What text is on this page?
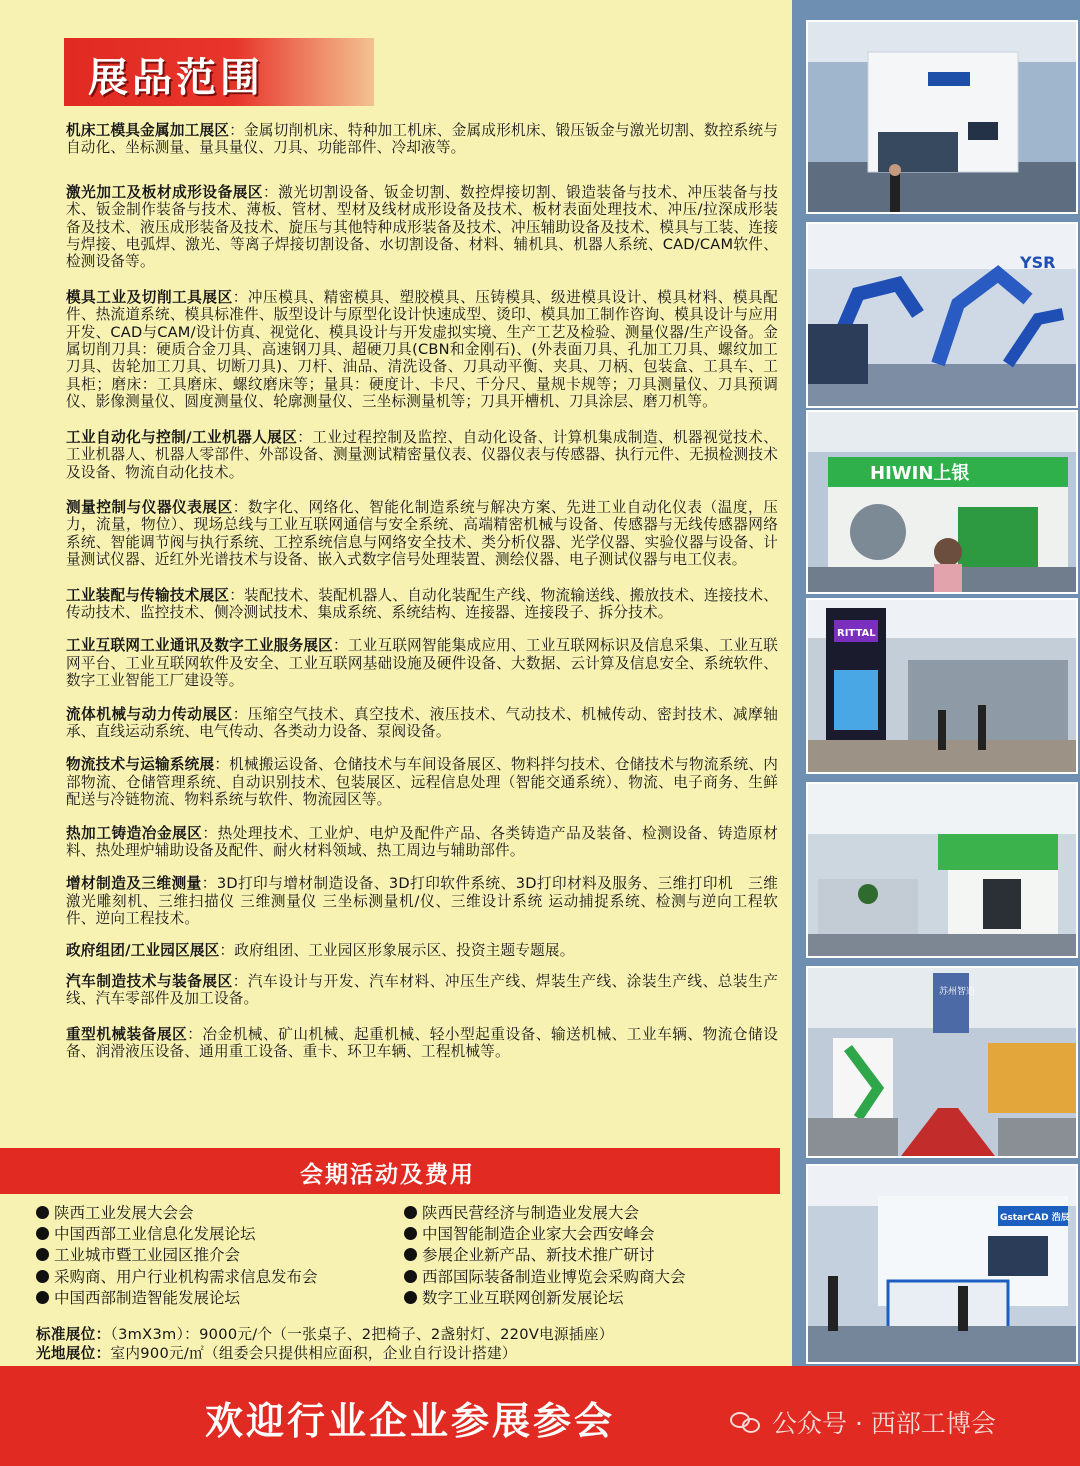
展品范围
机床工模具金属加工展区：金属切削机床、特种加工机床、金属成形机床、锻压钣金与激光切割、数控系统与自动化、坐标测量、量具量仪、刀具、功能部件、冷却液等。
激光加工及板材成形设备展区：激光切割设备、钣金切割、数控焊接切割、锻造装备与技术、冲压装备与技术、钣金制作装备与技术、薄板、管材、型材及线材成形设备及技术、板材表面处理技术、冲压/拉深成形装备及技术、液压成形装备及技术、旋压与其他特种成形装备及技术、冲压辅助设备及技术、模具与工装、连接与焊接、电弧焊、激光、等离子焊接切割设备、水切割设备、材料、辅机具、机器人系统、CAD/CAM软件、检测设备等。
模具工业及切削工具展区：冲压模具、精密模具、塑胶模具、压铸模具、级进模具设计、模具材料、模具配件、热流道系统、模具标准件、版型设计与原型化设计快速成型、烫印、模具加工制作咨询、模具设计与应用开发、CAD与CAM/设计仿真、视觉化、模具设计与开发虚拟实境、生产工艺及检验、测量仪器/生产设备。金属切削刀具：硬质合金刀具、高速钢刀具、超硬刀具(CBN和金刚石)、(外表面刀具、孔加工刀具、螺纹加工刀具、齿轮加工刀具、切断刀具)、刀杆、油品、清洗设备、刀具动平衡、夹具、刀柄、包装盒、工具车、工具柜；磨床：工具磨床、螺纹磨床等；量具：硬度计、卡尺、千分尺、量规卡规等；刀具测量仪、刀具预调仪、影像测量仪、圆度测量仪、轮廓测量仪、三坐标测量机等；刀具开槽机、刀具涂层、磨刀机等。
工业自动化与控制/工业机器人展区：工业过程控制及监控、自动化设备、计算机集成制造、机器视觉技术、工业机器人、机器人零部件、外部设备、测量测试精密量仪表、仪器仪表与传感器、执行元件、无损检测技术及设备、物流自动化技术。
测量控制与仪器仪表展区：数字化、网络化、智能化制造系统与解决方案、先进工业自动化仪表（温度，压力，流量，物位）、现场总线与工业互联网通信与安全系统、高端精密机械与设备、传感器与无线传感器网络系统、智能调节阀与执行系统、工控系统信息与网络安全技术、类分析仪器、光学仪器、实验仪器与设备、计量测试仪器、近红外光谱技术与设备、嵌入式数字信号处理装置、测绘仪器、电子测试仪器与电工仪表。
工业装配与传输技术展区：装配技术、装配机器人、自动化装配生产线、物流输送线、搬放技术、连接技术、传动技术、监控技术、侧冷测试技术、集成系统、系统结构、连接器、连接段子、拆分技术。
工业互联网工业通讯及数字工业服务展区：工业互联网智能集成应用、工业互联网标识及信息采集、工业互联网平台、工业互联网软件及安全、工业互联网基础设施及硬件设备、大数据、云计算及信息安全、系统软件、数字工业智能工厂建设等。
流体机械与动力传动展区：压缩空气技术、真空技术、液压技术、气动技术、机械传动、密封技术、减摩轴承、直线运动系统、电气传动、各类动力设备、泵阀设备。
物流技术与运输系统展：机械搬运设备、仓储技术与车间设备展区、物料拌匀技术、仓储技术与物流系统、内部物流、仓储管理系统、自动识别技术、包装展区、远程信息处理（智能交通系统）、物流、电子商务、生鲜配送与冷链物流、物料系统与软件、物流园区等。
热加工铸造冶金展区：热处理技术、工业炉、电炉及配件产品、各类铸造产品及装备、检测设备、铸造原材料、热处理炉辅助设备及配件、耐火材料领域、热工周边与辅助部件。
增材制造及三维测量：3D打印与增材制造设备、3D打印软件系统、3D打印材料及服务、三维打印机　三维激光雕刻机、三维扫描仪 三维测量仪 三坐标测量机/仪、三维设计系统 运动捕捉系统、检测与逆向工程软件、逆向工程技术。
政府组团/工业园区展区：政府组团、工业园区形象展示区、投资主题专题展。
汽车制造技术与装备展区：汽车设计与开发、汽车材料、冲压生产线、焊装生产线、涂装生产线、总装生产线、汽车零部件及加工设备。
重型机械装备展区：冶金机械、矿山机械、起重机械、轻小型起重设备、输送机械、工业车辆、物流仓储设备、润滑液压设备、通用重工设备、重卡、环卫车辆、工程机械等。
会期活动及费用
陕西工业发展大会会
中国西部工业信息化发展论坛
工业城市暨工业园区推介会
采购商、用户行业机构需求信息发布会
中国西部制造智能发展论坛
陕西民营经济与制造业发展大会
中国智能制造企业家大会西安峰会
参展企业新产品、新技术推广研讨
西部国际装备制造业博览会采购商大会
数字工业互联网创新发展论坛
标准展位：（3mX3m）：9000元/个（一张桌子、2把椅子、2盏射灯、220V电源插座）
光地展位：室内900元/㎡（组委会只提供相应面积，企业自行设计搭建）
YSR
HIWIN上银
RITTAL
苏州智造
GstarCAD 浩辰
欢迎行业企业参展参会	公众号 · 西部工博会
